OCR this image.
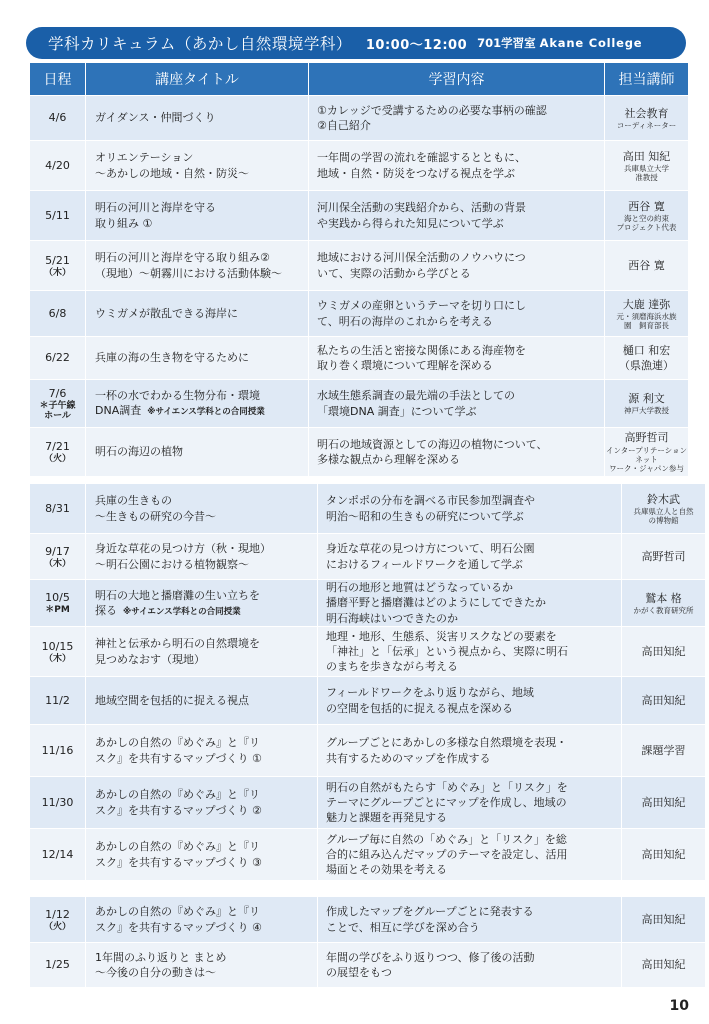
学科カリキュラム（あかし自然環境学科） 10:00〜12:00 701学習室 Akane College
日程	講座タイトル	学習内容	担当講師
4/6	ガイダンス・仲間づくり	①カレッジで受講するための必要な事柄の確認
②自己紹介	社会教育
コーディネーター

4/20	オリエンテーション
〜あかしの地域・自然・防災〜	一年間の学習の流れを確認するとともに、
地域・自然・防災をつなげる視点を学ぶ	高田 知紀
兵庫県立大学
准教授

5/11	明石の河川と海岸を守る
取り組み ①	河川保全活動の実践紹介から、活動の背景
や実践から得られた知見について学ぶ	西谷 寛
海と空の約束
プロジェクト代表

5/21
（木）	明石の河川と海岸を守る取り組み②
（現地）〜朝霧川における活動体験〜	地域における河川保全活動のノウハウにつ
いて、実際の活動から学びとる	西谷 寛
6/8	ウミガメが散乱できる海岸に	ウミガメの産卵というテーマを切り口にし
て、明石の海岸のこれからを考える	大鹿 達弥
元・須磨海浜水族
園　飼育部長

6/22	兵庫の海の生き物を守るために	私たちの生活と密接な関係にある海産物を
取り巻く環境について理解を深める	樋口 和宏
（県漁連）
7/6
＊子午線
ホール	一杯の水でわかる生物分布・環境
DNA調査 ※サイエンス学科との合同授業	水域生態系調査の最先端の手法としての
「環境DNA 調査」について学ぶ	源 利文
神戸大学教授

7/21
（火）	明石の海辺の植物	明石の地域資源としての海辺の植物について、
多様な観点から理解を深める	高野哲司
インタープリテーションネット
ワーク・ジャパン参与
8/31	兵庫の生きもの
〜生きもの研究の今昔〜	タンポポの分布を調べる市民参加型調査や
明治〜昭和の生きもの研究について学ぶ	鈴木武
兵庫県立人と自然
の博物館

9/17
（木）	身近な草花の見つけ方（秋・現地）
〜明石公園における植物観察〜	身近な草花の見つけ方について、明石公園
におけるフィールドワークを通して学ぶ	高野哲司
10/5
＊PM	明石の大地と播磨灘の生い立ちを
探る ※サイエンス学科との合同授業	明石の地形と地質はどうなっているか
播磨平野と播磨灘はどのようにしてできたか
明石海峡はいつできたのか	鷲本 格
かがく教育研究所

10/15
（木）	神社と伝承から明石の自然環境を
見つめなおす（現地）	地理・地形、生態系、災害リスクなどの要素を
「神社」と「伝承」という視点から、実際に明石
のまちを歩きながら考える	高田知紀
11/2	地域空間を包括的に捉える視点	フィールドワークをふり返りながら、地域
の空間を包括的に捉える視点を深める	高田知紀
11/16	あかしの自然の『めぐみ』と『リ
スク』を共有するマップづくり ①	グループごとにあかしの多様な自然環境を表現・
共有するためのマップを作成する	課題学習
11/30	あかしの自然の『めぐみ』と『リ
スク』を共有するマップづくり ②	明石の自然がもたらす「めぐみ」と「リスク」を
テーマにグループごとにマップを作成し、地域の
魅力と課題を再発見する	高田知紀
12/14	あかしの自然の『めぐみ』と『リ
スク』を共有するマップづくり ③	グループ毎に自然の「めぐみ」と「リスク」を総
合的に組み込んだマップのテーマを設定し、活用
場面とその効果を考える	高田知紀
1/12
（火）	あかしの自然の『めぐみ』と『リ
スク』を共有するマップづくり ④	作成したマップをグループごとに発表する
ことで、相互に学びを深め合う	高田知紀
1/25	1年間のふり返りと まとめ
〜今後の自分の動きは〜	年間の学びをふり返りつつ、修了後の活動
の展望をもつ	高田知紀
10
